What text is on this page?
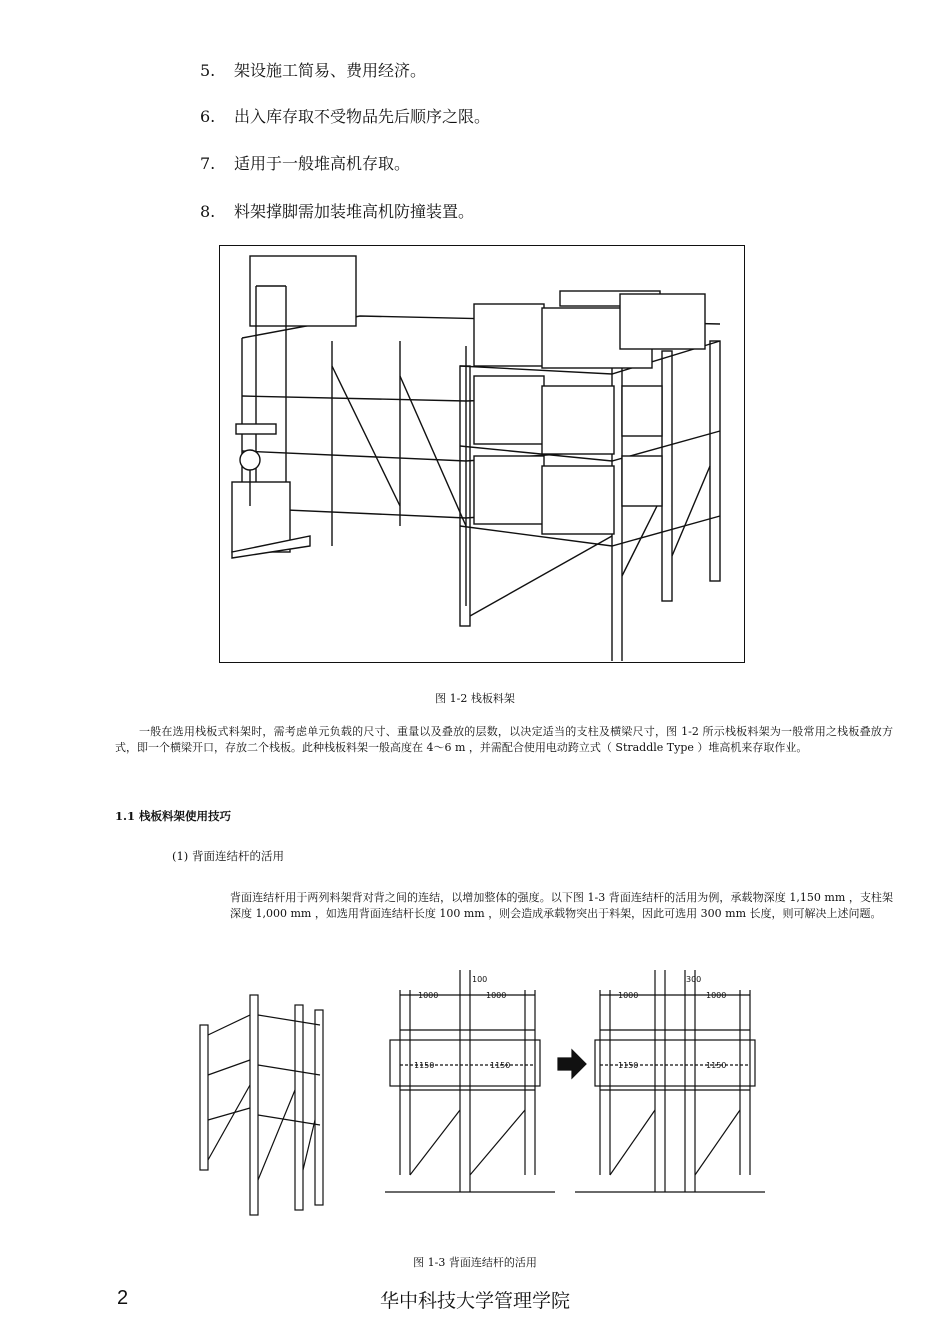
5. 架设施工简易、费用经济。
6. 出入库存取不受物品先后顺序之限。
7. 适用于一般堆高机存取。
8. 料架撑脚需加装堆高机防撞装置。
图 1-2 栈板料架
一般在选用栈板式料架时，需考虑单元负载的尺寸、重量以及叠放的层数，以决定适当的支柱及横梁尺寸，图 1-2 所示栈板料架为一般常用之栈板叠放方式，即一个横梁开口，存放二个栈板。此种栈板料架一般高度在 4～6 m ，并需配合使用电动跨立式（ Straddle Type ）堆高机来存取作业。
1.1 栈板料架使用技巧
(1) 背面连结杆的活用
背面连结杆用于两列料架背对背之间的连结，以增加整体的强度。以下图 1-3 背面连结杆的活用为例，承载物深度 1,150 mm ，支柱架深度 1,000 mm ，如选用背面连结杆长度 100 mm ，则会造成承载物突出于料架，因此可选用 300 mm 长度，则可解决上述问题。
100
1000	1000
1150	1150
300
1000	1000
1150	1150
图 1-3 背面连结杆的活用
2	华中科技大学管理学院
